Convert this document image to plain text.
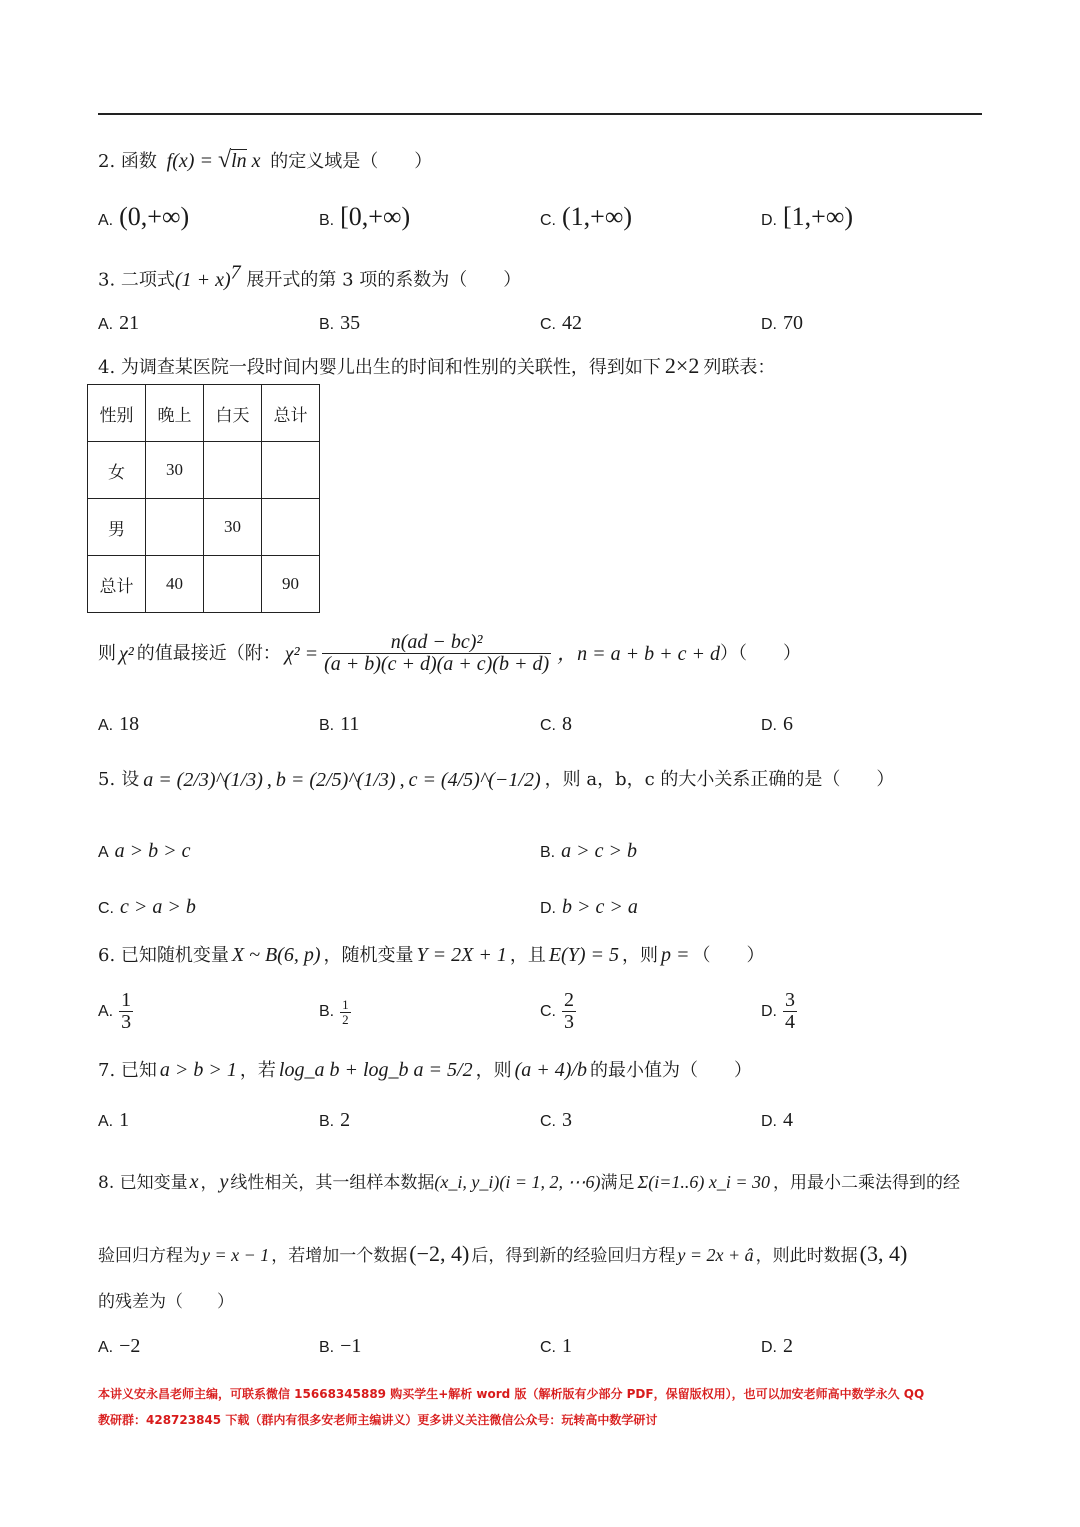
2. 函数 f(x) = √ln x 的定义域是（　　）
A. (0,+∞)	B. [0,+∞)	C. (1,+∞)	D. [1,+∞)
3. 二项式$(1 + x)^7$ 展开式的第 3 项的系数为（　　）
A. 21	B. 35	C. 42	D. 70
4. 为调查某医院一段时间内婴儿出生的时间和性别的关联性，得到如下 2×2 列联表：
性别	晚上	白天	总计
女	30		
男		30	
总计	40		90
则 χ² 的值最接近（附： $\chi^2 = \frac{\text{n(ad − bc)²}}{(a + b)(c + d)(a + c)(b + d)}$ ，n = a + b + c + d ）（　　）
A. 18	B. 11	C. 8	D. 6
5. 设 a = (2/3)^(1/3) , b = (2/5)^(1/3) , c = (4/5)^(−1/2) ，则 a，b，c 的大小关系正确的是（　　）
A a > b > c	B. a > c > b
C. c > a > b	D. b > c > a
6. 已知随机变量 X ~ B(6, p) ，随机变量 Y = 2X + 1 ，且 E(Y) = 5 ，则 p = （　　）
A. $\frac{1}{3}$	B. $\frac{1}{2}$	C. $\frac{2}{3}$	D. $\frac{3}{4}$
7. 已知 a > b > 1 ，若 log_a b + log_b a = 5/2 ，则 (a + 4)/b 的最小值为（　　）
A. 1	B. 2	C. 3	D. 4
8. 已知变量 x ， y 线性相关，其一组样本数据(x_i, y_i)(i = 1, 2, ⋯6)满足 Σ(i=1..6) x_i = 30 ，用最小二乘法得到的经
验回归方程为 y = x − 1 ，若增加一个数据(−2, 4) 后，得到新的经验回归方程 y = 2x + â ，则此时数据(3, 4)
的残差为（　　）
A. −2	B. −1	C. 1	D. 2
本讲义安永昌老师主编，可联系微信 15668345889 购买学生+解析 word 版（解析版有少部分 PDF，保留版权用），也可以加安老师高中数学永久 QQ
教研群：428723845 下载（群内有很多安老师主编讲义）更多讲义关注微信公众号：玩转高中数学研讨
